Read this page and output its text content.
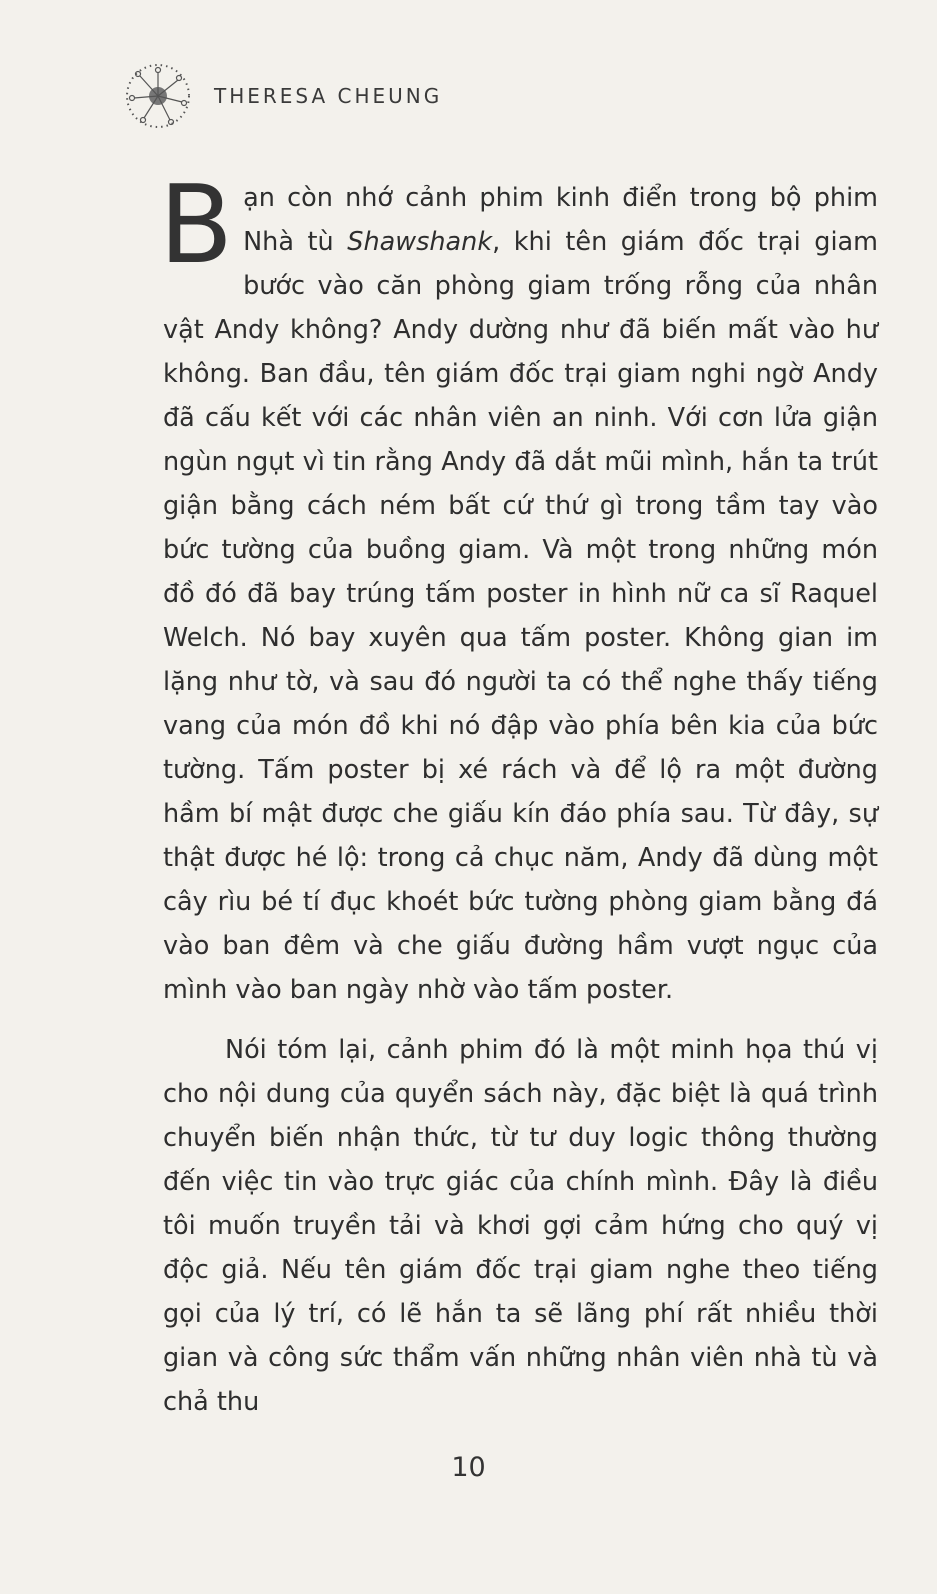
THERESA CHEUNG

Bạn còn nhớ cảnh phim kinh điển trong bộ phim Nhà tù Shawshank, khi tên giám đốc trại giam bước vào căn phòng giam trống rỗng của nhân vật Andy không? Andy dường như đã biến mất vào hư không. Ban đầu, tên giám đốc trại giam nghi ngờ Andy đã cấu kết với các nhân viên an ninh. Với cơn lửa giận ngùn ngụt vì tin rằng Andy đã dắt mũi mình, hắn ta trút giận bằng cách ném bất cứ thứ gì trong tầm tay vào bức tường của buồng giam. Và một trong những món đồ đó đã bay trúng tấm poster in hình nữ ca sĩ Raquel Welch. Nó bay xuyên qua tấm poster. Không gian im lặng như tờ, và sau đó người ta có thể nghe thấy tiếng vang của món đồ khi nó đập vào phía bên kia của bức tường. Tấm poster bị xé rách và để lộ ra một đường hầm bí mật được che giấu kín đáo phía sau. Từ đây, sự thật được hé lộ: trong cả chục năm, Andy đã dùng một cây rìu bé tí đục khoét bức tường phòng giam bằng đá vào ban đêm và che giấu đường hầm vượt ngục của mình vào ban ngày nhờ vào tấm poster.

Nói tóm lại, cảnh phim đó là một minh họa thú vị cho nội dung của quyển sách này, đặc biệt là quá trình chuyển biến nhận thức, từ tư duy logic thông thường đến việc tin vào trực giác của chính mình. Đây là điều tôi muốn truyền tải và khơi gợi cảm hứng cho quý vị độc giả. Nếu tên giám đốc trại giam nghe theo tiếng gọi của lý trí, có lẽ hắn ta sẽ lãng phí rất nhiều thời gian và công sức thẩm vấn những nhân viên nhà tù và chả thu

10
